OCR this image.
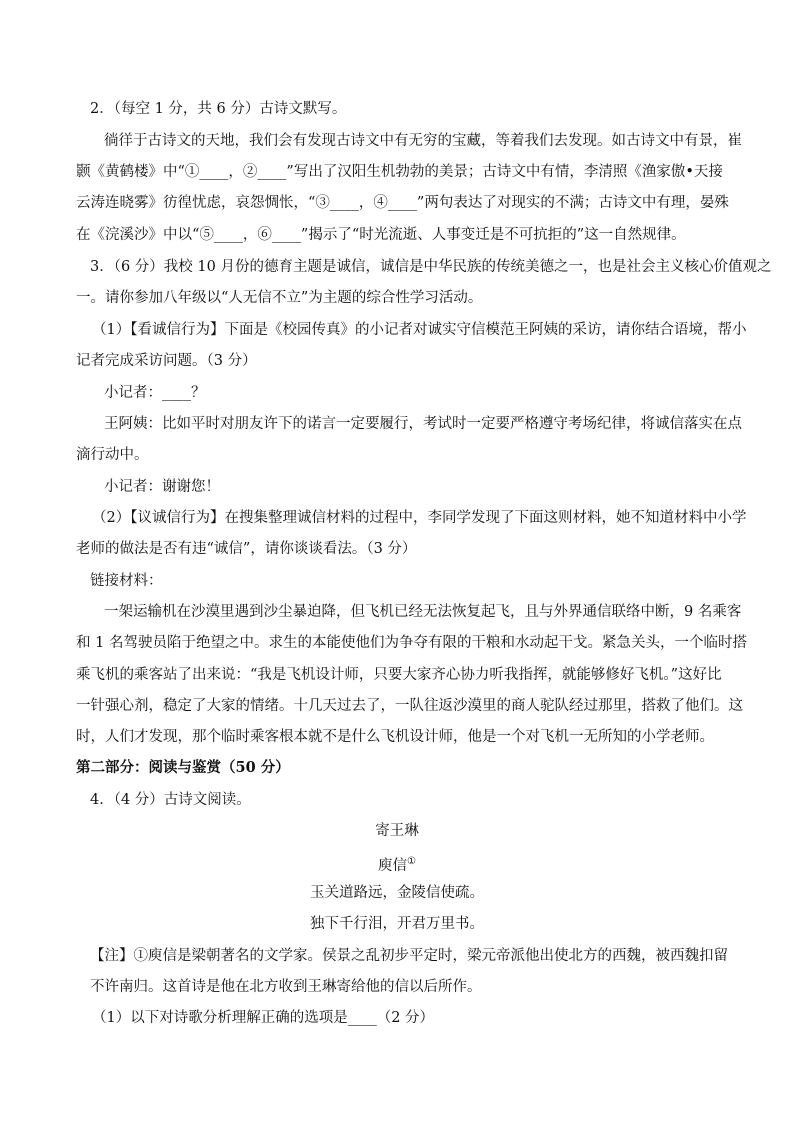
2．（每空 1 分，共 6 分）古诗文默写。
徜徉于古诗文的天地，我们会有发现古诗文中有无穷的宝藏，等着我们去发现。如古诗文中有景，崔
颢《黄鹤楼》中“①____，②____”写出了汉阳生机勃勃的美景；古诗文中有情，李清照《渔家傲•天接
云涛连晓雾》彷徨忧虑，哀怨惆怅，“③____，④____”两句表达了对现实的不满；古诗文中有理，晏殊
在《浣溪沙》中以“⑤____，⑥____”揭示了“时光流逝、人事变迁是不可抗拒的”这一自然规律。
3．（6 分）我校 10 月份的德育主题是诚信，诚信是中华民族的传统美德之一，也是社会主义核心价值观之
一。请你参加八年级以“人无信不立”为主题的综合性学习活动。
（1）【看诚信行为】下面是《校园传真》的小记者对诚实守信模范王阿姨的采访，请你结合语境，帮小
记者完成采访问题。（3 分）
小记者：____？
王阿姨：比如平时对朋友许下的诺言一定要履行，考试时一定要严格遵守考场纪律，将诚信落实在点
滴行动中。
小记者：谢谢您！
（2）【议诚信行为】在搜集整理诚信材料的过程中，李同学发现了下面这则材料，她不知道材料中小学
老师的做法是否有违“诚信”，请你谈谈看法。（3 分）
链接材料：
一架运输机在沙漠里遇到沙尘暴迫降，但飞机已经无法恢复起飞，且与外界通信联络中断，9 名乘客
和 1 名驾驶员陷于绝望之中。求生的本能使他们为争夺有限的干粮和水动起干戈。紧急关头，一个临时搭
乘飞机的乘客站了出来说：“我是飞机设计师，只要大家齐心协力听我指挥，就能够修好飞机。”这好比
一针强心剂，稳定了大家的情绪。十几天过去了，一队往返沙漠里的商人驼队经过那里，搭救了他们。这
时，人们才发现，那个临时乘客根本就不是什么飞机设计师，他是一个对飞机一无所知的小学老师。
第二部分：阅读与鉴赏（50 分）
4．（4 分）古诗文阅读。
寄王琳
庾信①
玉关道路远，金陵信使疏。
独下千行泪，开君万里书。
【注】①庾信是梁朝著名的文学家。侯景之乱初步平定时，梁元帝派他出使北方的西魏，被西魏扣留
不许南归。这首诗是他在北方收到王琳寄给他的信以后所作。
（1）以下对诗歌分析理解正确的选项是____（2 分）
